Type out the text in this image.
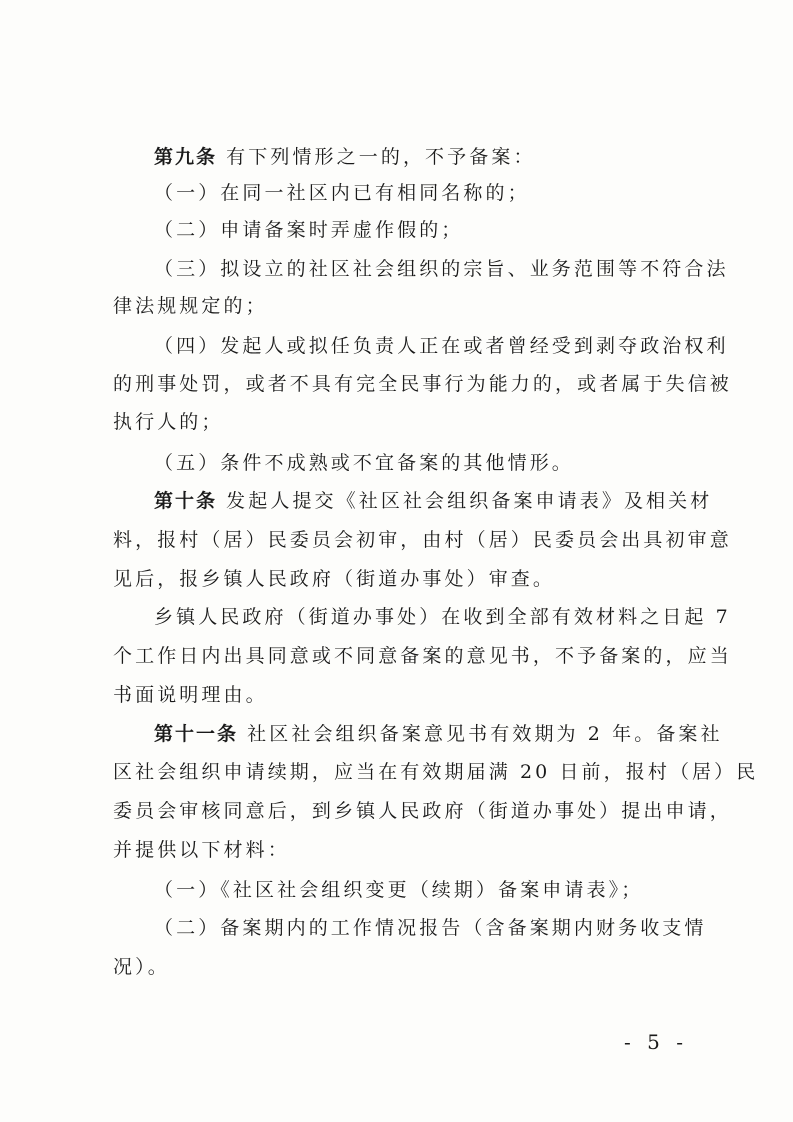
第九条 有下列情形之一的，不予备案：
（一）在同一社区内已有相同名称的；
（二）申请备案时弄虚作假的；
（三）拟设立的社区社会组织的宗旨、业务范围等不符合法
律法规规定的；
（四）发起人或拟任负责人正在或者曾经受到剥夺政治权利
的刑事处罚，或者不具有完全民事行为能力的，或者属于失信被
执行人的；
（五）条件不成熟或不宜备案的其他情形。
第十条 发起人提交《社区社会组织备案申请表》及相关材
料，报村（居）民委员会初审，由村（居）民委员会出具初审意
见后，报乡镇人民政府（街道办事处）审查。
乡镇人民政府（街道办事处）在收到全部有效材料之日起 7
个工作日内出具同意或不同意备案的意见书，不予备案的，应当
书面说明理由。
第十一条 社区社会组织备案意见书有效期为 2 年。备案社
区社会组织申请续期，应当在有效期届满 20 日前，报村（居）民
委员会审核同意后，到乡镇人民政府（街道办事处）提出申请，
并提供以下材料：
（一）《社区社会组织变更（续期）备案申请表》；
（二）备案期内的工作情况报告（含备案期内财务收支情
况）。
- 5 -
